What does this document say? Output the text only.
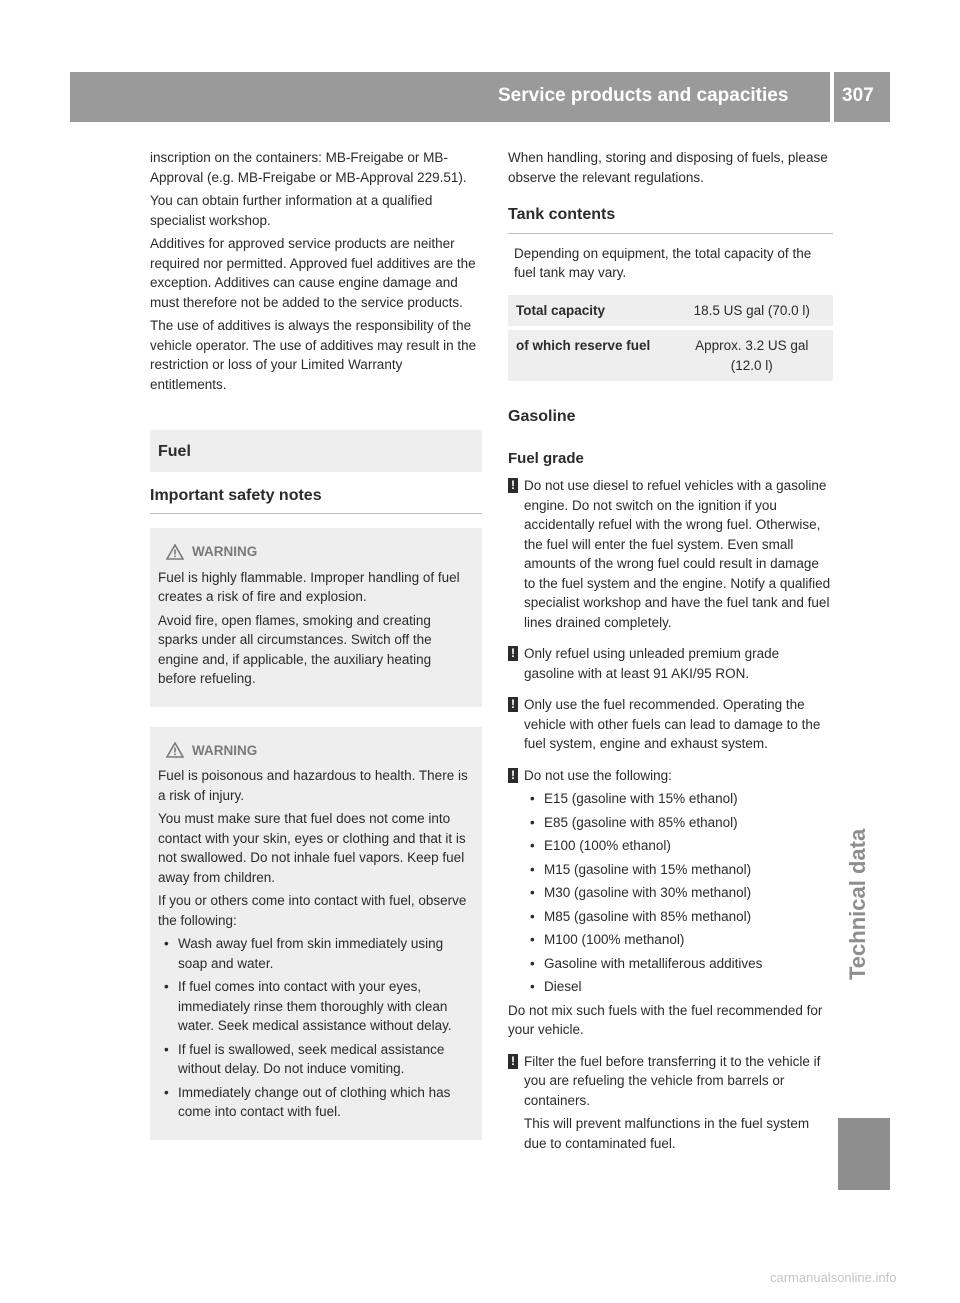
Service products and capacities	307
Technical data

inscription on the containers: MB-Freigabe or MB-Approval (e.g. MB-Freigabe or MB-Approval 229.51).

You can obtain further information at a qualified specialist workshop.

Additives for approved service products are neither required nor permitted. Approved fuel additives are the exception. Additives can cause engine damage and must therefore not be added to the service products.

The use of additives is always the responsibility of the vehicle operator. The use of additives may result in the restriction or loss of your Limited Warranty entitlements.

Fuel
Important safety notes
WARNING

Fuel is highly flammable. Improper handling of fuel creates a risk of fire and explosion.

Avoid fire, open flames, smoking and creating sparks under all circumstances. Switch off the engine and, if applicable, the auxiliary heating before refueling.

WARNING

Fuel is poisonous and hazardous to health. There is a risk of injury.

You must make sure that fuel does not come into contact with your skin, eyes or clothing and that it is not swallowed. Do not inhale fuel vapors. Keep fuel away from children.

If you or others come into contact with fuel, observe the following:

• Wash away fuel from skin immediately using soap and water.
• If fuel comes into contact with your eyes, immediately rinse them thoroughly with clean water. Seek medical assistance without delay.
• If fuel is swallowed, seek medical assistance without delay. Do not induce vomiting.
• Immediately change out of clothing which has come into contact with fuel.

When handling, storing and disposing of fuels, please observe the relevant regulations.

Tank contents

Depending on equipment, the total capacity of the fuel tank may vary.

Total capacity	18.5 US gal (70.0 l)
of which reserve fuel	Approx. 3.2 US gal (12.0 l)
Gasoline
Fuel grade
! Do not use diesel to refuel vehicles with a gasoline engine. Do not switch on the ignition if you accidentally refuel with the wrong fuel. Otherwise, the fuel will enter the fuel system. Even small amounts of the wrong fuel could result in damage to the fuel system and the engine. Notify a qualified specialist workshop and have the fuel tank and fuel lines drained completely.
! Only refuel using unleaded premium grade gasoline with at least 91 AKI/95 RON.
! Only use the fuel recommended. Operating the vehicle with other fuels can lead to damage to the fuel system, engine and exhaust system.
! Do not use the following:

• E15 (gasoline with 15% ethanol)
• E85 (gasoline with 85% ethanol)
• E100 (100% ethanol)
• M15 (gasoline with 15% methanol)
• M30 (gasoline with 30% methanol)
• M85 (gasoline with 85% methanol)
• M100 (100% methanol)
• Gasoline with metalliferous additives
• Diesel

Do not mix such fuels with the fuel recommended for your vehicle.

! Filter the fuel before transferring it to the vehicle if you are refueling the vehicle from barrels or containers.

This will prevent malfunctions in the fuel system due to contaminated fuel.

carmanualsonline.info
